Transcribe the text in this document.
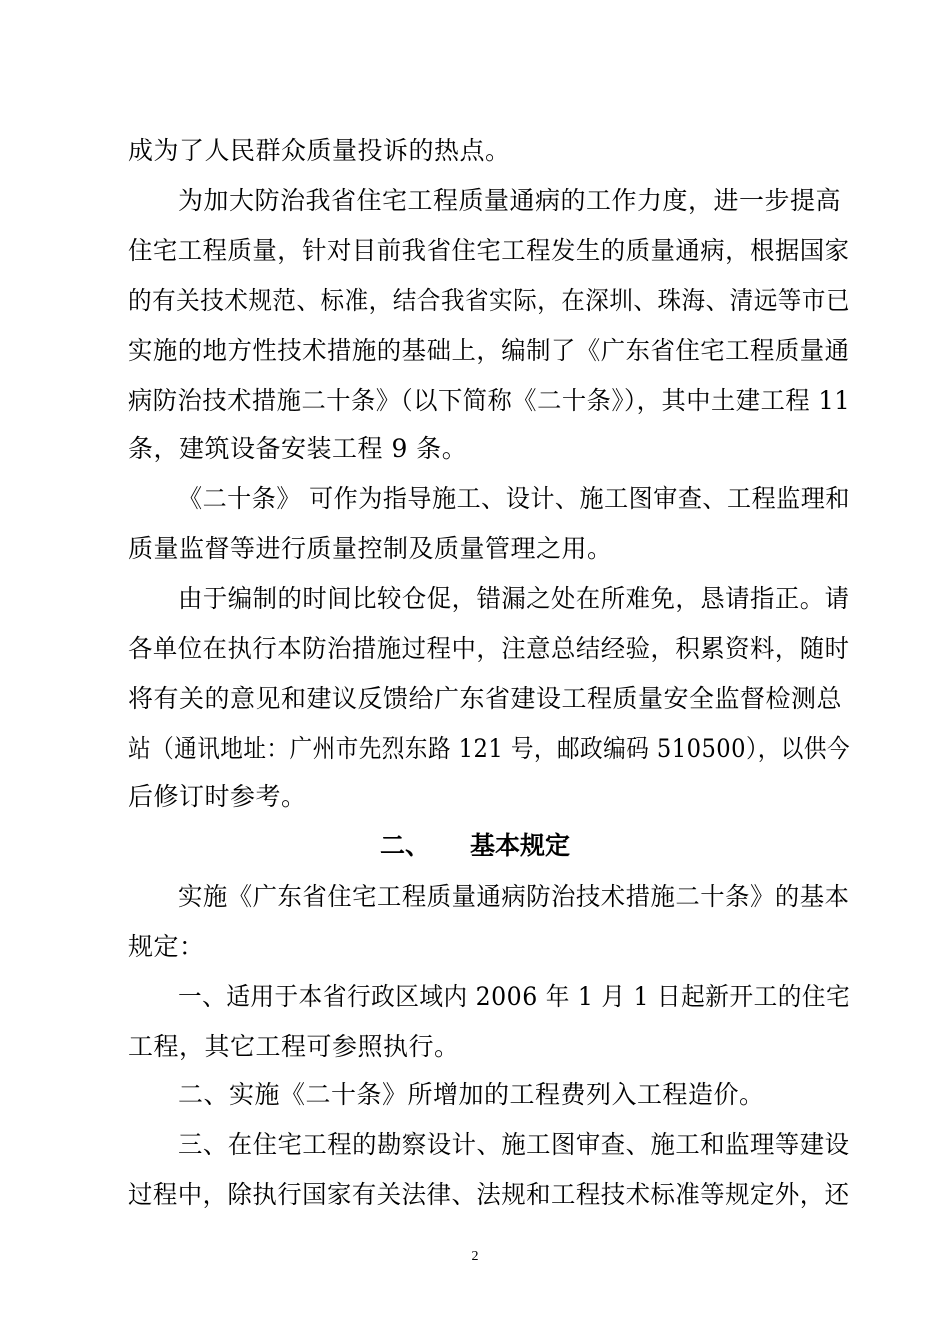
成为了人民群众质量投诉的热点。
为加大防治我省住宅工程质量通病的工作力度，进一步提高
住宅工程质量，针对目前我省住宅工程发生的质量通病，根据国家
的有关技术规范、标准，结合我省实际，在深圳、珠海、清远等市已
实施的地方性技术措施的基础上，编制了《广东省住宅工程质量通
病防治技术措施二十条》（以下简称《二十条》），其中土建工程 11
条，建筑设备安装工程 9 条。
《二十条》 可作为指导施工、设计、施工图审查、工程监理和
质量监督等进行质量控制及质量管理之用。
由于编制的时间比较仓促，错漏之处在所难免，恳请指正。请
各单位在执行本防治措施过程中，注意总结经验，积累资料，随时
将有关的意见和建议反馈给广东省建设工程质量安全监督检测总
站（通讯地址：广州市先烈东路 121 号，邮政编码 510500），以供今
后修订时参考。
二、 基本规定
实施《广东省住宅工程质量通病防治技术措施二十条》的基本
规定：
一、适用于本省行政区域内 2006 年 1 月 1 日起新开工的住宅
工程，其它工程可参照执行。
二、实施《二十条》所增加的工程费列入工程造价。
三、在住宅工程的勘察设计、施工图审查、施工和监理等建设
过程中，除执行国家有关法律、法规和工程技术标准等规定外，还
2
